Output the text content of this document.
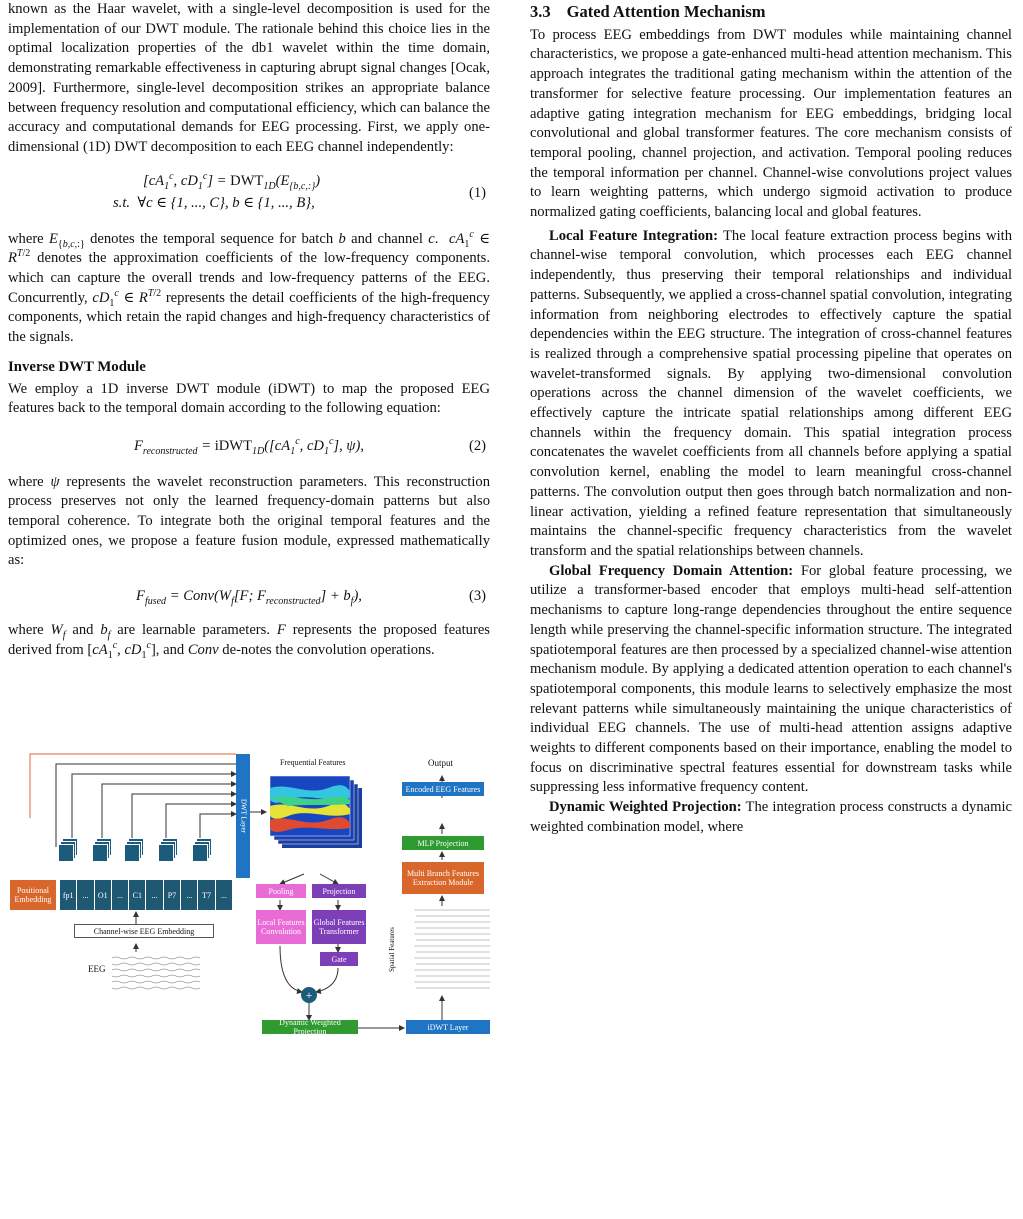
known as the Haar wavelet, with a single-level decomposition is used for the implementation of our DWT module. The rationale behind this choice lies in the optimal localization properties of the db1 wavelet within the time domain, demonstrating remarkable effectiveness in capturing abrupt signal changes [Ocak, 2009]. Furthermore, single-level decomposition strikes an appropriate balance between frequency resolution and computational efficiency, which can balance the accuracy and computational demands for EEG processing. First, we apply one-dimensional (1D) DWT decomposition to each EEG channel independently:

[$cA_1^c$, $cD_1^c] = DWT_{1D}(E_{\{b,c,:\}})$
s.t.  ∀c ∈ {1, ..., C}, b ∈ {1, ..., B},
(1)

where $E_{\{b,c,:\}}$ denotes the temporal sequence for batch b and channel c.  $cA_1^c$ ∈ $R^{T/2}$ denotes the approximation coefficients of the low-frequency components. which can capture the overall trends and low-frequency patterns of the EEG. Concurrently, $cD_1^c$ ∈ $R^{T/2}$ represents the detail coefficients of the high-frequency components, which retain the rapid changes and high-frequency characteristics of the signals.

Inverse DWT Module

We employ a 1D inverse DWT module (iDWT) to map the proposed EEG features back to the temporal domain according to the following equation:

$F_{reconstructed}$ = $iDWT_{1D}([cA_1^c$, $cD_1^c$], ψ),	(2)

where ψ represents the wavelet reconstruction parameters. This reconstruction process preserves not only the learned frequency-domain patterns but also temporal coherence. To integrate both the original temporal features and the optimized ones, we propose a feature fusion module, expressed mathematically as:

$F_{fused}$ = $Conv(W_f[F$; $F_{reconstructed}] + b_f$),	(3)

where $W_f$ and $b_f$ are learnable parameters. F represents the proposed features derived from [$cA_1^c$, $cD_1^c$], and Conv de-notes the convolution operations.

+
Positional Embedding	fp1	...	O1	...	C1	...	P7	...	T7	...
Channel-wise EEG Embedding
EEG
DWT Layer
Frequential Features
Pooling	Projection
Local Features Convolution
Global Features Transformer
Gate
Dynamic Weighted Projection	iDWT Layer
Output
Encoded EEG Features
MLP Projection
Multi Branch Features Extraction Module
Spatial Features
3.3 Gated Attention Mechanism

To process EEG embeddings from DWT modules while maintaining channel characteristics, we propose a gate-enhanced multi-head attention mechanism. This approach integrates the traditional gating mechanism within the attention of the transformer for selective feature processing. Our implementation features an adaptive gating integration mechanism for EEG embeddings, bridging local convolutional and global transformer features. The core mechanism consists of temporal pooling, channel projection, and activation. Temporal pooling reduces the temporal information per channel. Channel-wise convolutions project values to learn weighting patterns, which undergo sigmoid activation to produce normalized gating coefficients, balancing local and global features.

Local Feature Integration: The local feature extraction process begins with channel-wise temporal convolution, which processes each EEG channel independently, thus preserving their temporal relationships and individual patterns. Subsequently, we applied a cross-channel spatial convolution, integrating information from neighboring electrodes to effectively capture the spatial dependencies within the EEG structure. The integration of cross-channel features is realized through a comprehensive spatial processing pipeline that operates on wavelet-transformed signals. By applying two-dimensional convolution operations across the channel dimension of the wavelet coefficients, we effectively capture the intricate spatial relationships among different EEG channels within the frequency domain. This spatial integration process concatenates the wavelet coefficients from all channels before applying a spatial convolution kernel, enabling the model to learn meaningful cross-channel patterns. The convolution output then goes through batch normalization and non-linear activation, yielding a refined feature representation that simultaneously maintains the channel-specific frequency characteristics from the wavelet transform and the spatial relationships between channels.

Global Frequency Domain Attention: For global feature processing, we utilize a transformer-based encoder that employs multi-head self-attention mechanisms to capture long-range dependencies throughout the entire sequence length while preserving the channel-specific information structure. The integrated spatiotemporal features are then processed by a specialized channel-wise attention mechanism module. By applying a dedicated attention operation to each channel's spatiotemporal components, this module learns to selectively emphasize the most relevant patterns while simultaneously maintaining the unique characteristics of individual EEG channels. The use of multi-head attention assigns adaptive weights to different components based on their importance, enabling the model to focus on discriminative spectral features essential for downstream tasks while suppressing less informative frequency content.

Dynamic Weighted Projection: The integration process constructs a dynamic weighted combination model, where
